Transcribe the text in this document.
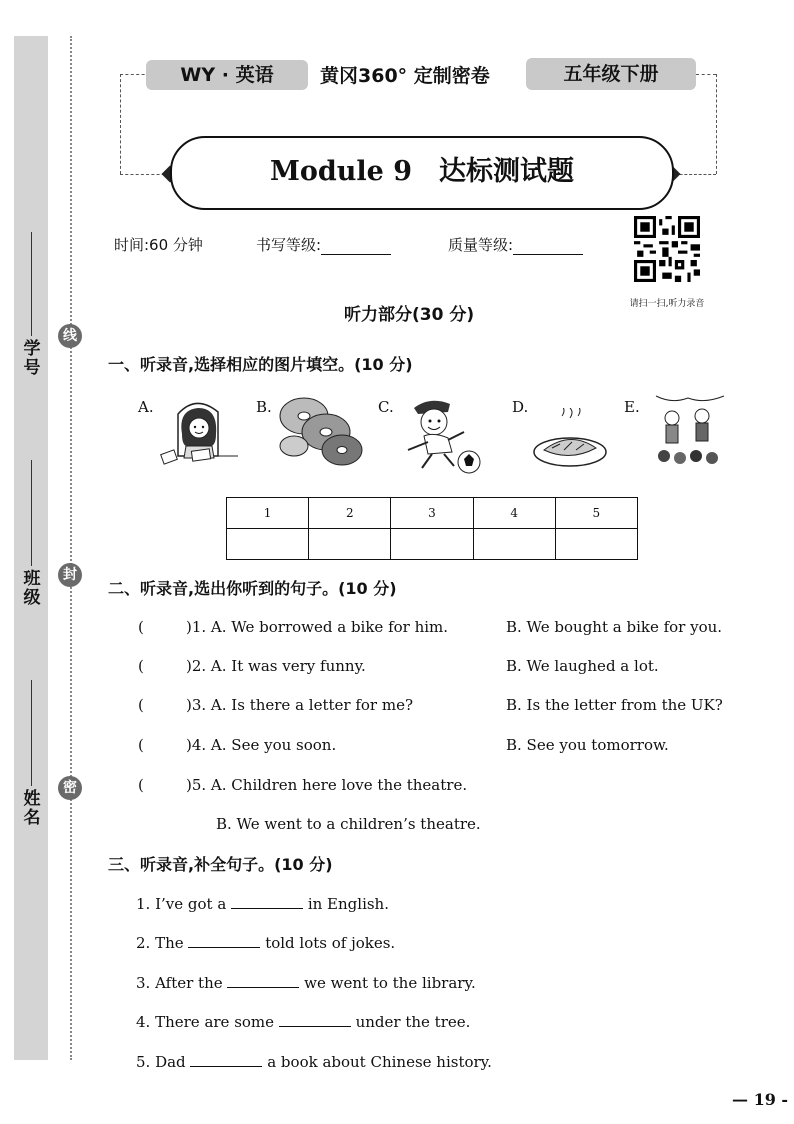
学号
班级
姓名
线
封
密
WY · 英语	黄冈360° 定制密卷	五年级下册
Module 9　达标测试题
时间:60 分钟	书写等级:	质量等级:
请扫一扫,听力录音
听力部分(30 分)
一、听录音,选择相应的图片填空。(10 分)
A.	B.	C.	D.	E.
1	2	3	4	5

二、听录音,选出你听到的句子。(10 分)
(	)1. A. We borrowed a bike for him.	B. We bought a bike for you.
(	)2. A. It was very funny.	B. We laughed a lot.
(	)3. A. Is there a letter for me?	B. Is the letter from the UK?
(	)4. A. See you soon.	B. See you tomorrow.
(	)5. A. Children here love the theatre.
B. We went to a children’s theatre.
三、听录音,补全句子。(10 分)
1. I’ve got a	in English.
2. The	told lots of jokes.
3. After the	we went to the library.
4. There are some	under the tree.
5. Dad	a book about Chinese history.
— 19 -
